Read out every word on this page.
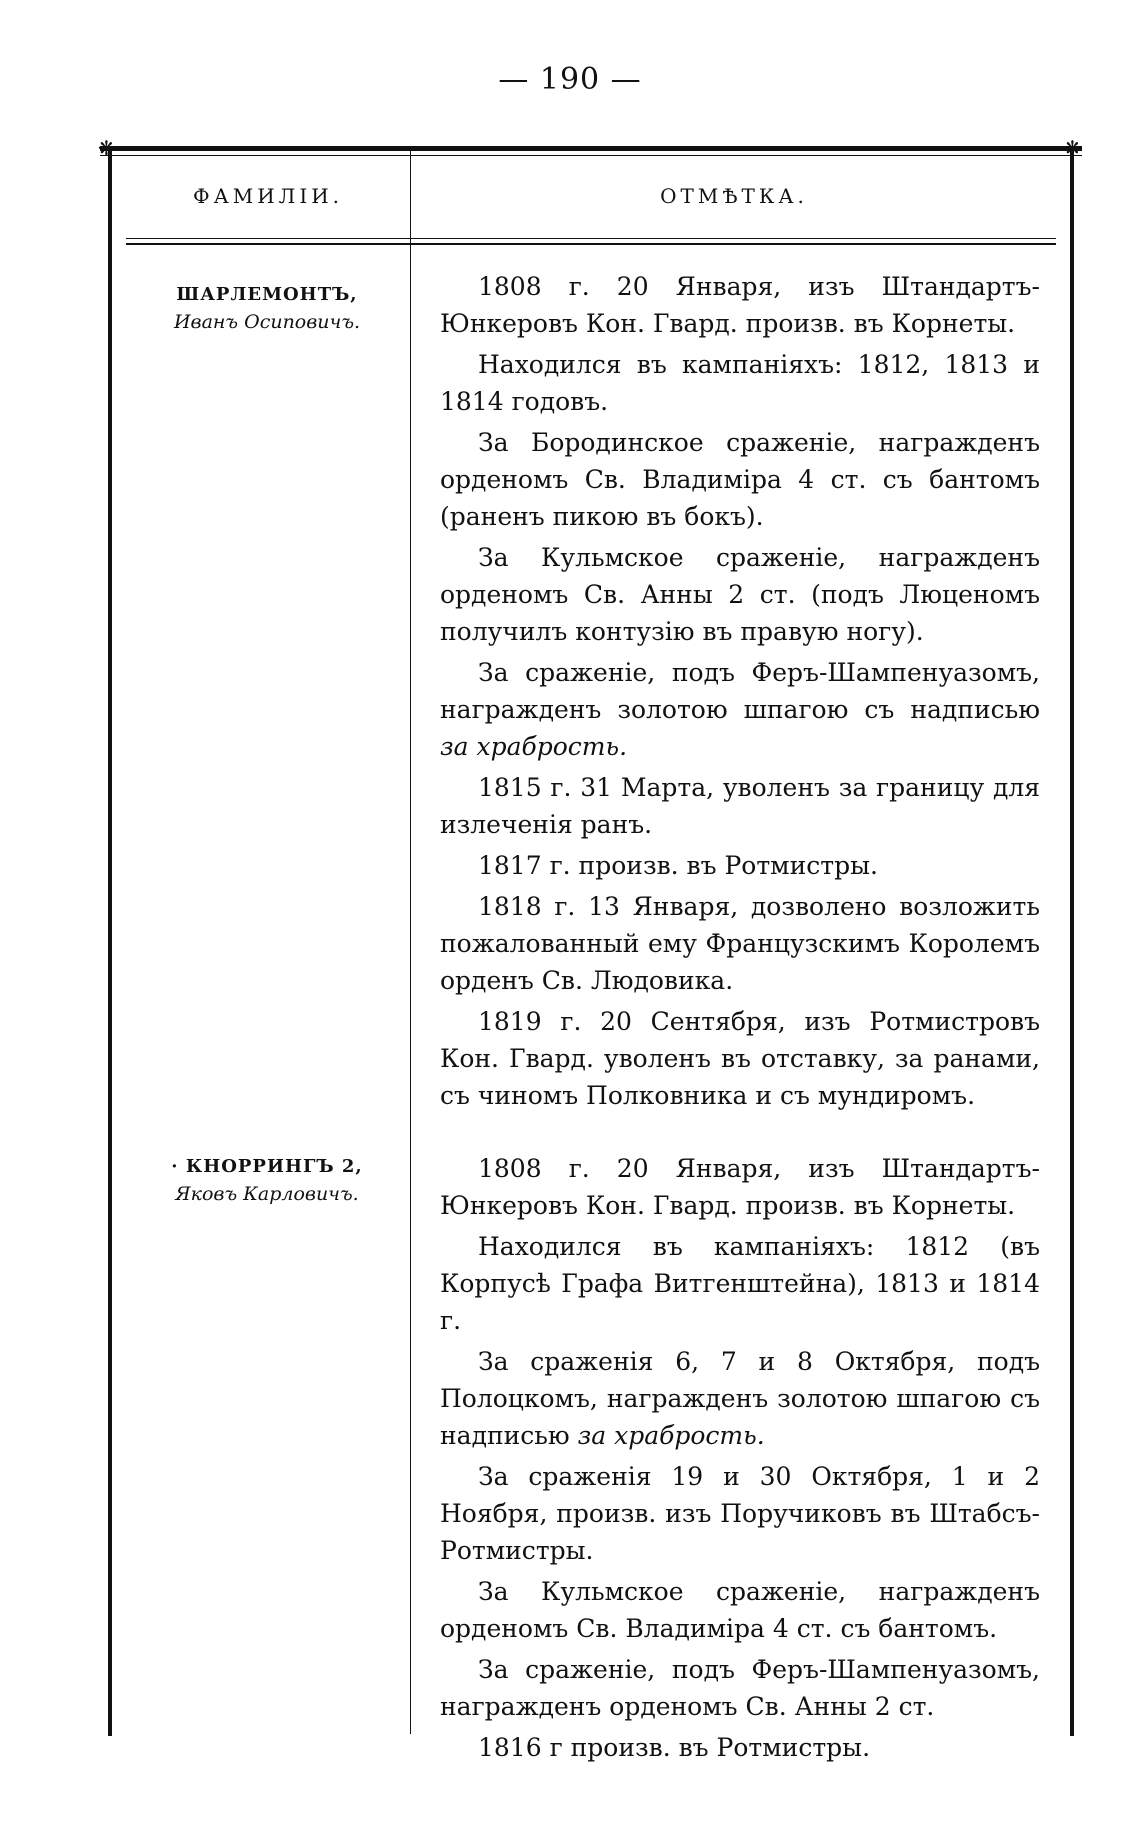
— 190 —
❋	❋
ФАМИЛІИ.	ОТМѢТКА.
ШАРЛЕМОНТЪ,
Иванъ Осиповичъ.

1808 г. 20 Января, изъ Штандартъ-Юнкеровъ Кон. Гвард. произв. въ Корнеты.

Находился въ кампаніяхъ: 1812, 1813 и 1814 годовъ.

За Бородинское сраженіе, награжденъ орденомъ Св. Владиміра 4 ст. съ бантомъ (раненъ пикою въ бокъ).

За Кульмское сраженіе, награжденъ орденомъ Св. Анны 2 ст. (подъ Люценомъ получилъ контузію въ правую ногу).

За сраженіе, подъ Феръ-Шампенуазомъ, награжденъ золотою шпагою съ надписью за храбрость.

1815 г. 31 Марта, уволенъ за границу для излеченія ранъ.

1817 г. произв. въ Ротмистры.

1818 г. 13 Января, дозволено возложить пожалованный ему Французскимъ Королемъ орденъ Св. Людовика.

1819 г. 20 Сентября, изъ Ротмистровъ Кон. Гвард. уволенъ въ отставку, за ранами, съ чиномъ Полковника и съ мундиромъ.

· КНОРРИНГЪ 2,
Яковъ Карловичъ.

1808 г. 20 Января, изъ Штандартъ-Юнкеровъ Кон. Гвард. произв. въ Корнеты.

Находился въ кампаніяхъ: 1812 (въ Корпусѣ Графа Витгенштейна), 1813 и 1814 г.

За сраженія 6, 7 и 8 Октября, подъ Полоцкомъ, награжденъ золотою шпагою съ надписью за храбрость.

За сраженія 19 и 30 Октября, 1 и 2 Ноября, произв. изъ Поручиковъ въ Штабсъ-Ротмистры.

За Кульмское сраженіе, награжденъ орденомъ Св. Владиміра 4 ст. съ бантомъ.

За сраженіе, подъ Феръ-Шампенуазомъ, награжденъ орденомъ Св. Анны 2 ст.

1816 г произв. въ Ротмистры.
